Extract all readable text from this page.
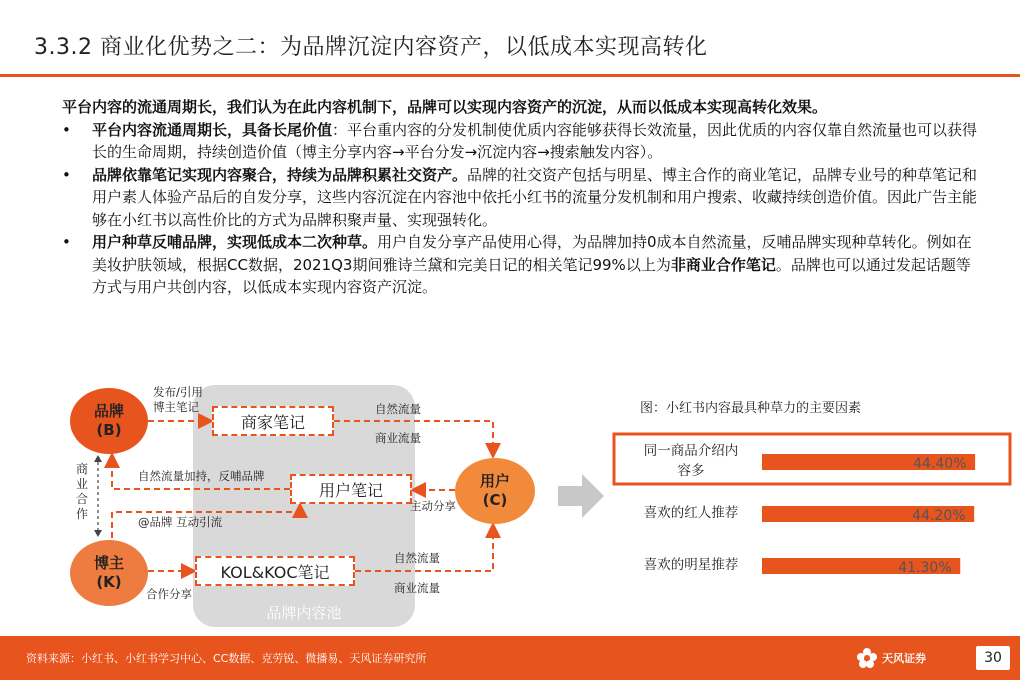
3.3.2 商业化优势之二：为品牌沉淀内容资产，以低成本实现高转化
平台内容的流通周期长，我们认为在此内容机制下，品牌可以实现内容资产的沉淀，从而以低成本实现高转化效果。
• 平台内容流通周期长，具备长尾价值：平台重内容的分发机制使优质内容能够获得长效流量，因此优质的内容仅靠自然流量也可以获得长的生命周期，持续创造价值（博主分享内容→平台分发→沉淀内容→搜索触发内容）。
• 品牌依靠笔记实现内容聚合，持续为品牌积累社交资产。品牌的社交资产包括与明星、博主合作的商业笔记，品牌专业号的种草笔记和用户素人体验产品后的自发分享，这些内容沉淀在内容池中依托小红书的流量分发机制和用户搜索、收藏持续创造价值。因此广告主能够在小红书以高性价比的方式为品牌积聚声量、实现强转化。
• 用户种草反哺品牌，实现低成本二次种草。用户自发分享产品使用心得，为品牌加持0成本自然流量，反哺品牌实现种草转化。例如在美妆护肤领域，根据CC数据，2021Q3期间雅诗兰黛和完美日记的相关笔记99%以上为非商业合作笔记。品牌也可以通过发起话题等方式与用户共创内容，以低成本实现内容资产沉淀。
品牌
(B)
博主
(K)
用户
(C)
商家笔记
用户笔记
KOL&KOC笔记
发布/引用
博主笔记	自然流量
商业流量
自然流量加持，反哺品牌
主动分享
@品牌 互动引流
商
业
合
作
合作分享
自然流量
商业流量
品牌内容池
图：小红书内容最具种草力的主要因素
同一商品介绍内
容多	44.40%
喜欢的红人推荐	44.20%
喜欢的明星推荐	41.30%
资料来源：小红书、小红书学习中心、CC数据、克劳锐、微播易、天风证券研究所	天风证券	30
